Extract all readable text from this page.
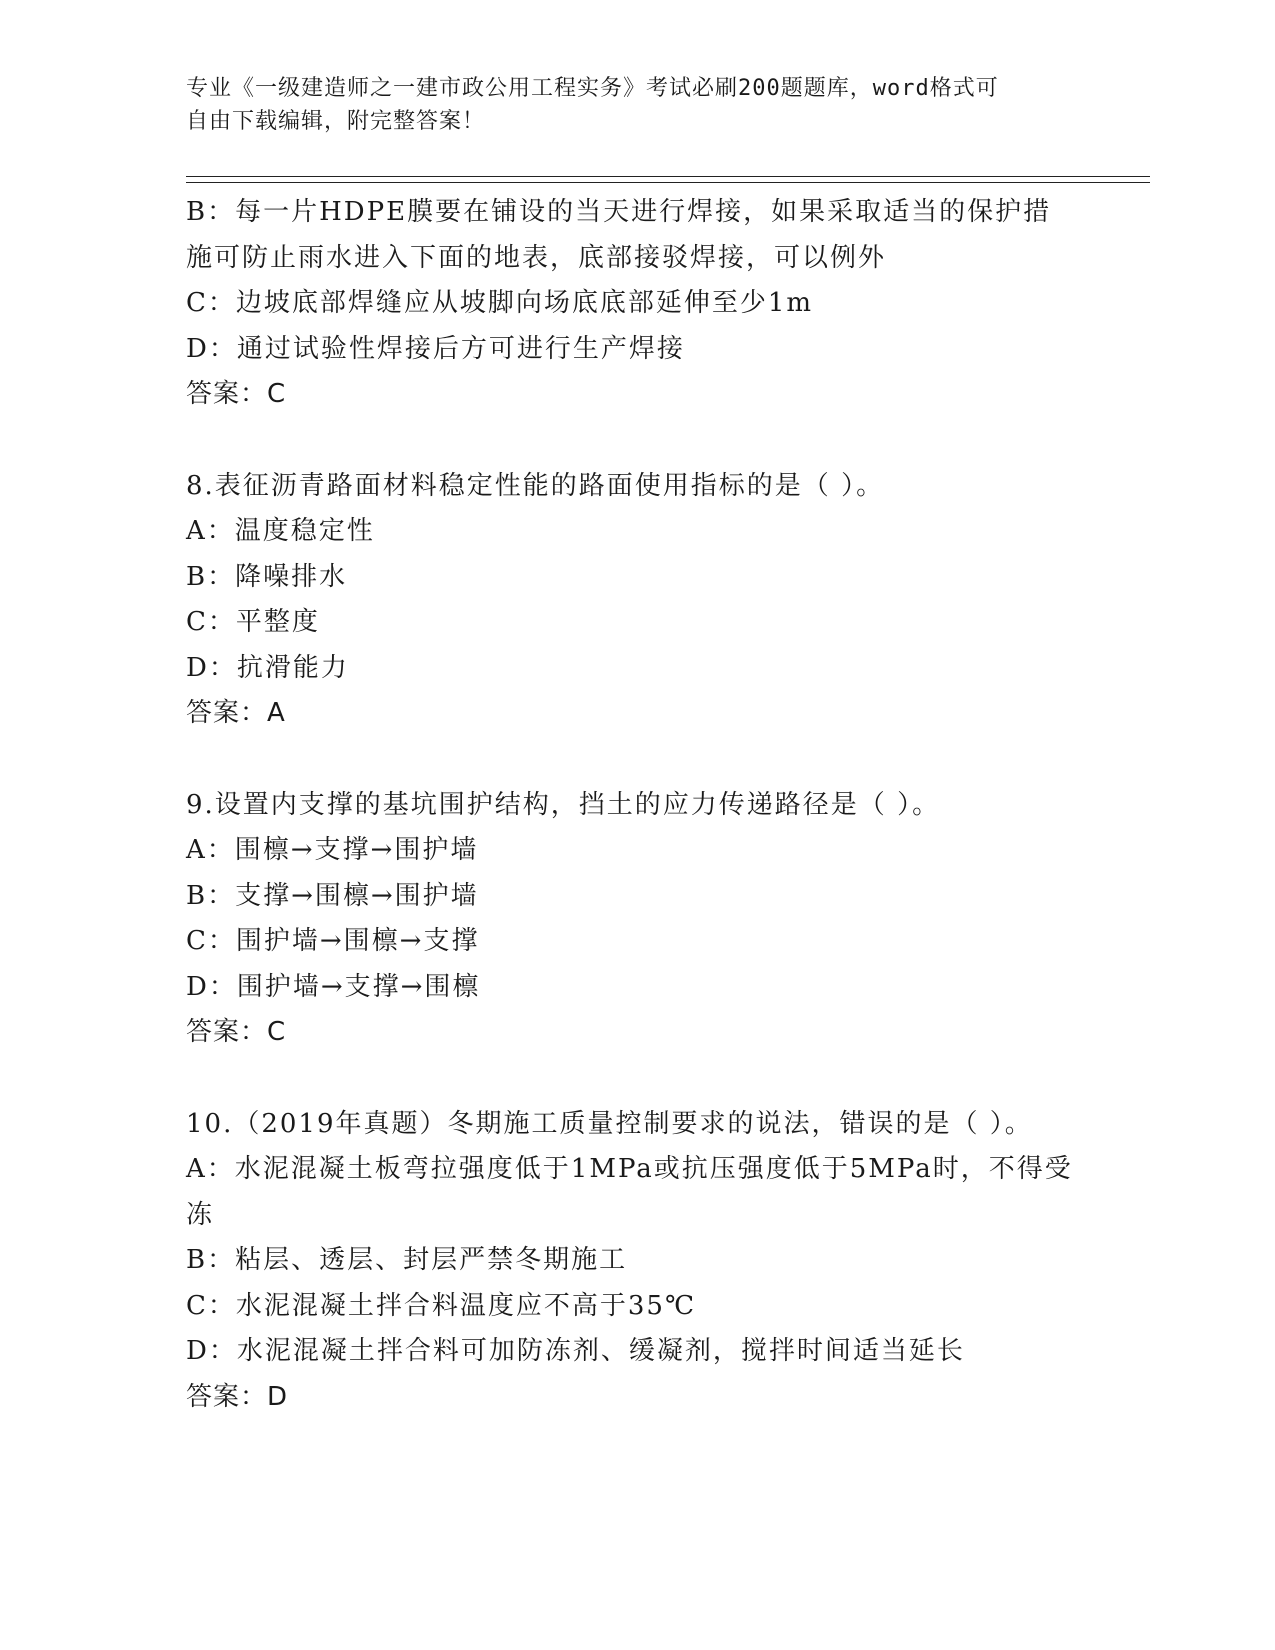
专业《一级建造师之一建市政公用工程实务》考试必刷200题题库，word格式可
自由下载编辑，附完整答案！
B：每一片HDPE膜要在铺设的当天进行焊接，如果采取适当的保护措
施可防止雨水进入下面的地表，底部接驳焊接，可以例外
C：边坡底部焊缝应从坡脚向场底底部延伸至少1m
D：通过试验性焊接后方可进行生产焊接
答案：C
8.表征沥青路面材料稳定性能的路面使用指标的是（ ）。
A：温度稳定性
B：降噪排水
C：平整度
D：抗滑能力
答案：A
9.设置内支撑的基坑围护结构，挡土的应力传递路径是（ ）。
A：围檩→支撑→围护墙
B：支撑→围檩→围护墙
C：围护墙→围檩→支撑
D：围护墙→支撑→围檩
答案：C
10.（2019年真题）冬期施工质量控制要求的说法，错误的是（ ）。
A：水泥混凝土板弯拉强度低于1MPa或抗压强度低于5MPa时，不得受
冻
B：粘层、透层、封层严禁冬期施工
C：水泥混凝土拌合料温度应不高于35℃
D：水泥混凝土拌合料可加防冻剂、缓凝剂，搅拌时间适当延长
答案：D
